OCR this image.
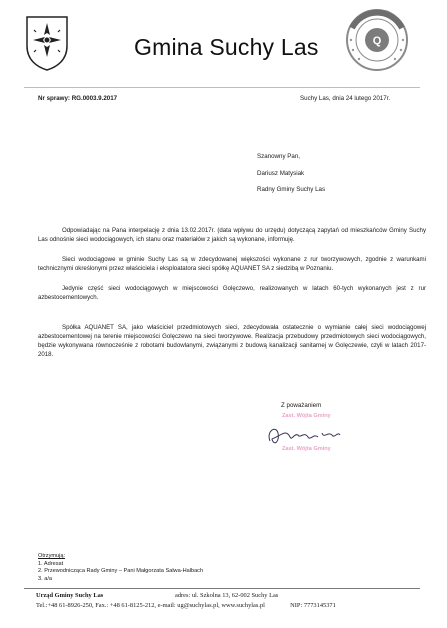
Gmina Suchy Las	Q
Nr sprawy: RG.0003.9.2017	Suchy Las, dnia 24 lutego 2017r.
Szanowny Pan,
Dariusz Matysiak
Radny Gminy Suchy Las

Odpowiadając na Pana interpelację z dnia 13.02.2017r. (data wpływu do urzędu) dotyczącą zapytań od mieszkańców Gminy Suchy Las odnośnie sieci wodociągowych, ich stanu oraz materiałów z jakich są wykonane, informuję.

Sieci wodociągowe w gminie Suchy Las są w zdecydowanej większości wykonane z rur tworzywowych, zgodnie z warunkami technicznymi określonymi przez właściciela i eksploatatora sieci spółkę AQUANET SA z siedzibą w Poznaniu.

Jedynie część sieci wodociągowych w miejscowości Golęczewo, realizowanych w latach 60-tych wykonanych jest z rur azbestocementowych.

Spółka AQUANET SA, jako właściciel przedmiotowych sieci, zdecydowała ostatecznie o wymianie całej sieci wodociągowej azbestocementowej na terenie miejscowości Golęczewo na sieci tworzywowe. Realizacja przebudowy przedmiotowych sieci wodociągowych, będzie wykonywana równocześnie z robotami budowlanymi, związanymi z budową kanalizacji sanitarnej w Golęczewie, czyli w latach 2017-2018.

Z poważaniem
Zast. Wójta Gminy
Zast. Wójta Gminy
Otrzymują:
1. Adresat
2. Przewodnicząca Rady Gminy – Pani Małgorzata Salwa-Halbach
3. a/a
Urząd Gminy Suchy Las	adres: ul. Szkolna 13, 62-002 Suchy Las
Tel.:+48 61-8926-250, Fax.: +48 61-8125-212, e-mail: ug@suchylas.pl, www.suchylas.pl	NIP: 7773145371
